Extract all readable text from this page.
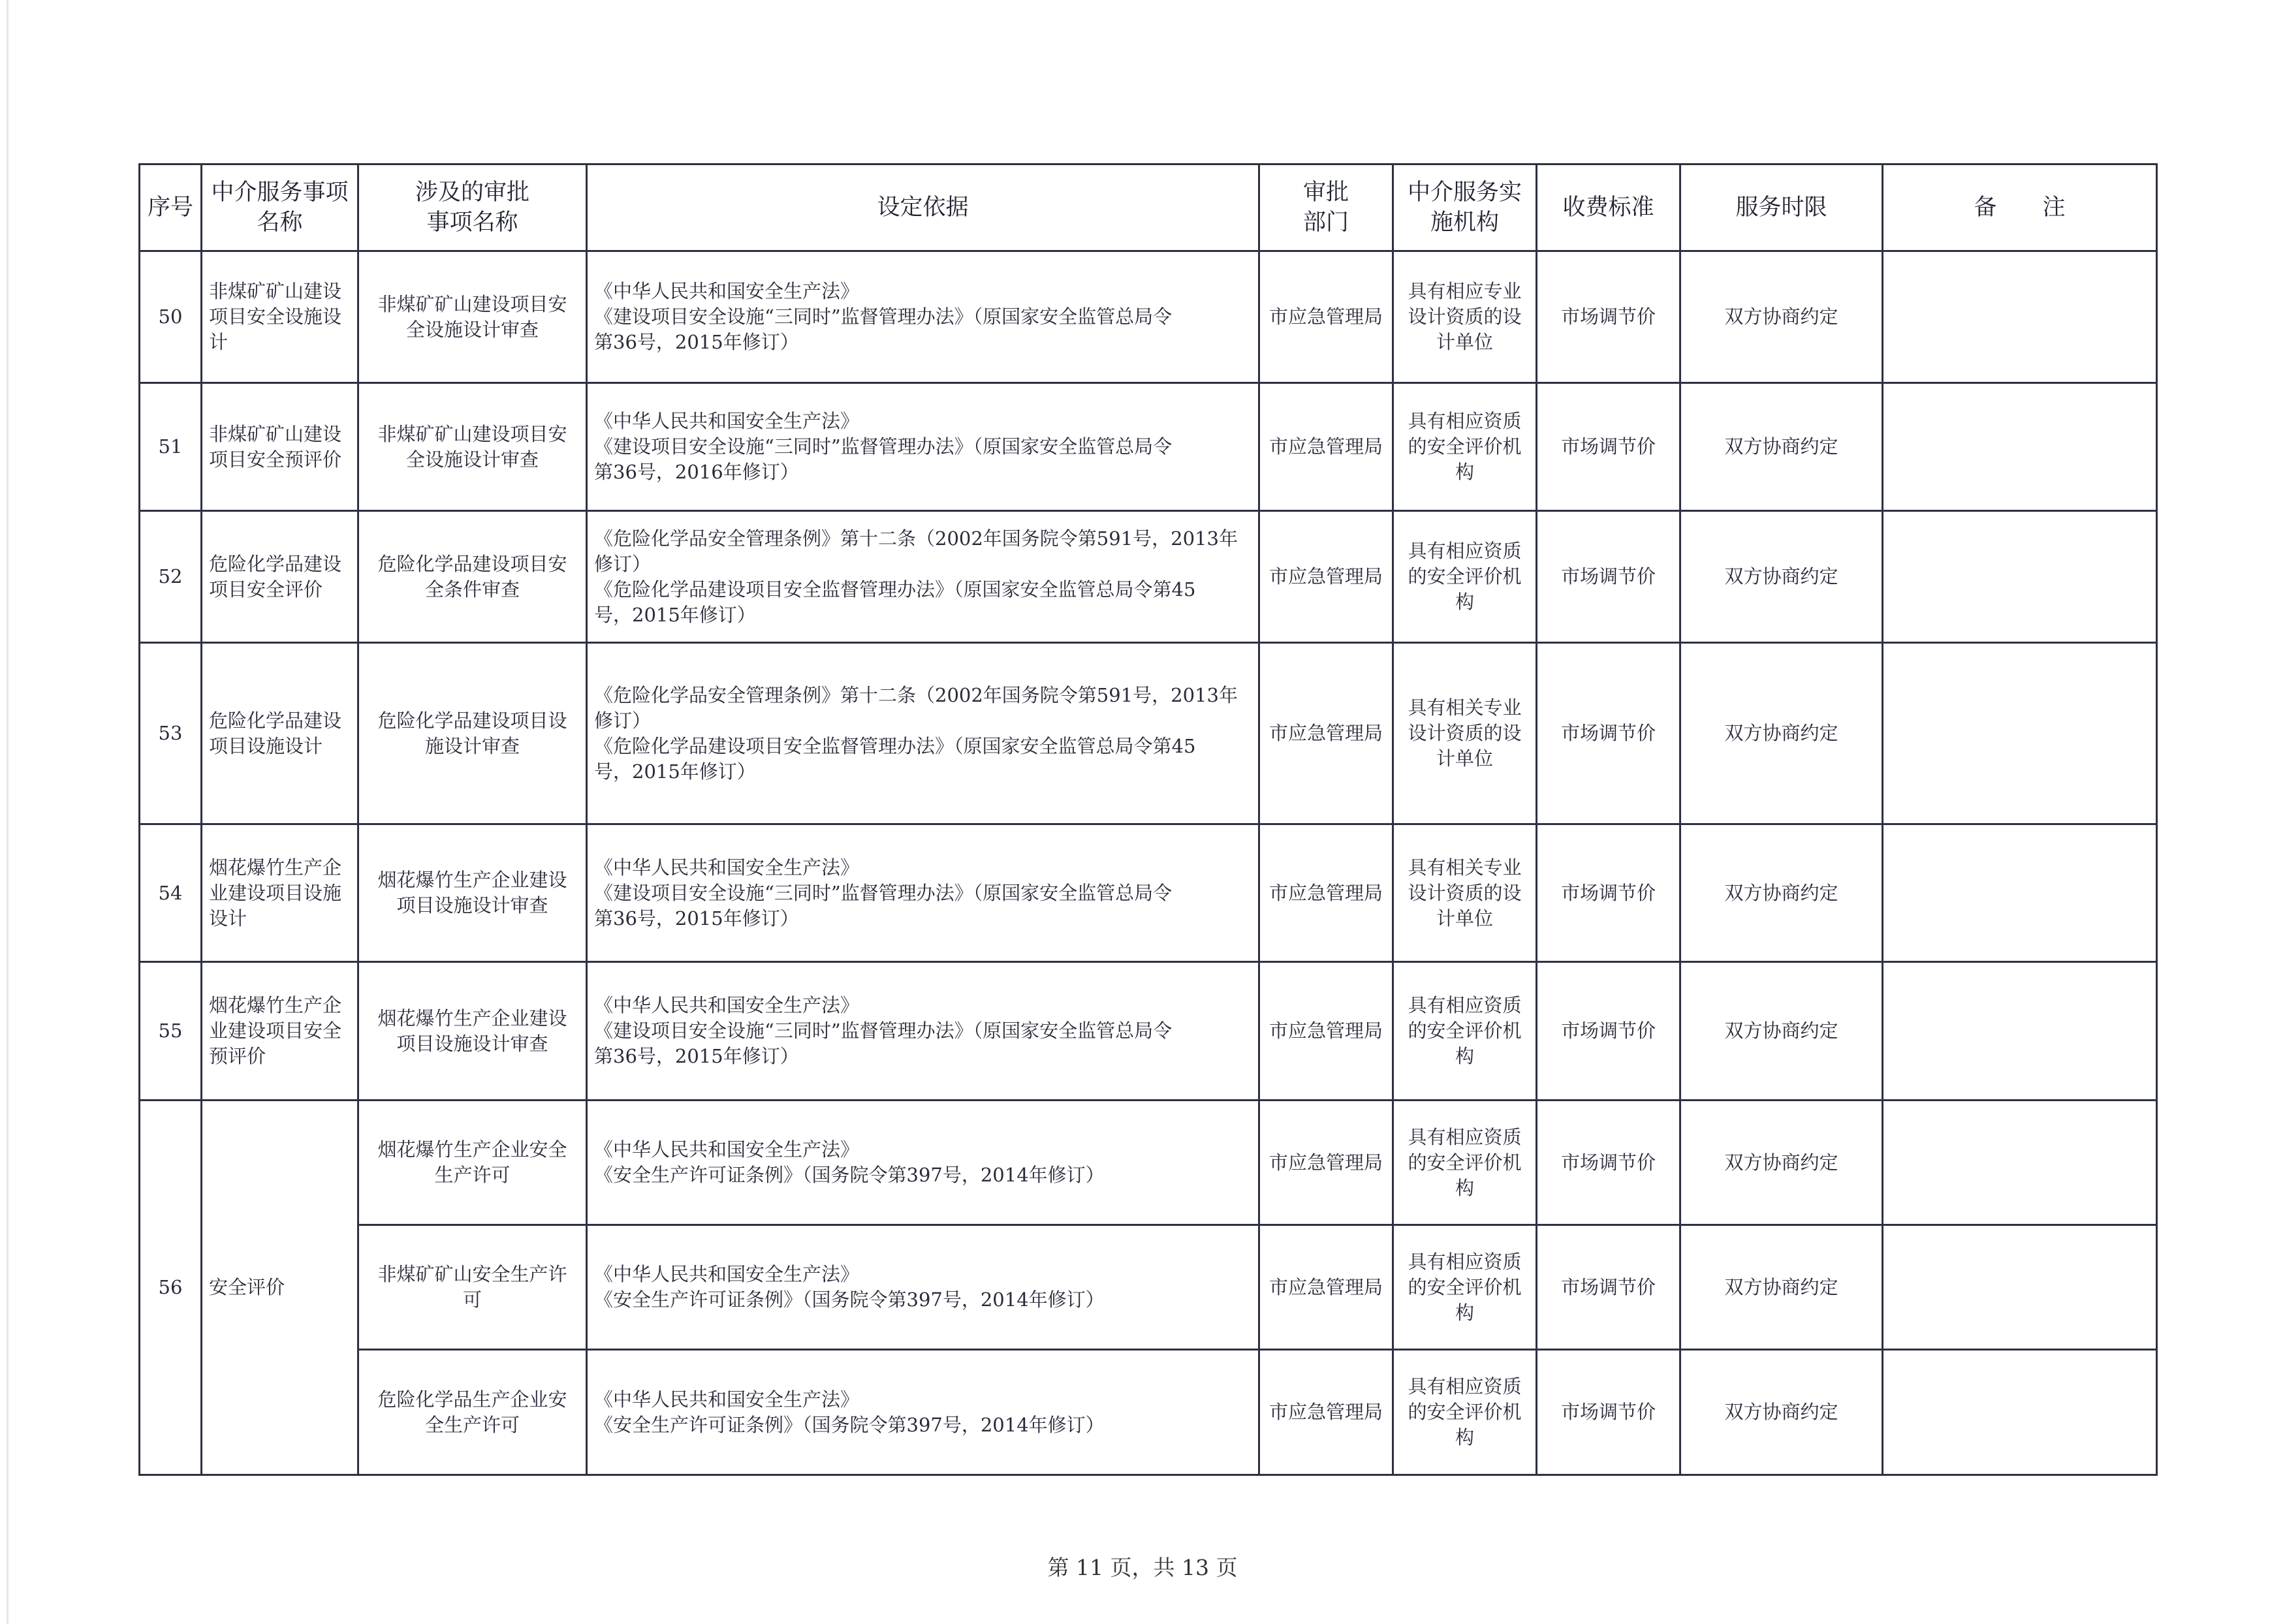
序号	中介服务事项
名称	涉及的审批
事项名称	设定依据	审批
部门	中介服务实
施机构	收费标准	服务时限	备　　注
50	非煤矿矿山建设
项目安全设施设
计	非煤矿矿山建设项目安
全设施设计审查	《中华人民共和国安全生产法》
《建设项目安全设施“三同时”监督管理办法》（原国家安全监管总局令
第36号，2015年修订）	市应急管理局	具有相应专业
设计资质的设
计单位	市场调节价	双方协商约定	
51	非煤矿矿山建设
项目安全预评价	非煤矿矿山建设项目安
全设施设计审查	《中华人民共和国安全生产法》
《建设项目安全设施“三同时”监督管理办法》（原国家安全监管总局令
第36号，2016年修订）	市应急管理局	具有相应资质
的安全评价机
构	市场调节价	双方协商约定	
52	危险化学品建设
项目安全评价	危险化学品建设项目安
全条件审查	《危险化学品安全管理条例》第十二条（2002年国务院令第591号，2013年
修订）
《危险化学品建设项目安全监督管理办法》（原国家安全监管总局令第45
号，2015年修订）	市应急管理局	具有相应资质
的安全评价机
构	市场调节价	双方协商约定	
53	危险化学品建设
项目设施设计	危险化学品建设项目设
施设计审查	《危险化学品安全管理条例》第十二条（2002年国务院令第591号，2013年
修订）
《危险化学品建设项目安全监督管理办法》（原国家安全监管总局令第45
号，2015年修订）	市应急管理局	具有相关专业
设计资质的设
计单位	市场调节价	双方协商约定	
54	烟花爆竹生产企
业建设项目设施
设计	烟花爆竹生产企业建设
项目设施设计审查	《中华人民共和国安全生产法》
《建设项目安全设施“三同时”监督管理办法》（原国家安全监管总局令
第36号，2015年修订）	市应急管理局	具有相关专业
设计资质的设
计单位	市场调节价	双方协商约定	
55	烟花爆竹生产企
业建设项目安全
预评价	烟花爆竹生产企业建设
项目设施设计审查	《中华人民共和国安全生产法》
《建设项目安全设施“三同时”监督管理办法》（原国家安全监管总局令
第36号，2015年修订）	市应急管理局	具有相应资质
的安全评价机
构	市场调节价	双方协商约定	
56	安全评价	烟花爆竹生产企业安全
生产许可	《中华人民共和国安全生产法》
《安全生产许可证条例》（国务院令第397号，2014年修订）	市应急管理局	具有相应资质
的安全评价机
构	市场调节价	双方协商约定	

		非煤矿矿山安全生产许
可	《中华人民共和国安全生产法》
《安全生产许可证条例》（国务院令第397号，2014年修订）	市应急管理局	具有相应资质
的安全评价机
构	市场调节价	双方协商约定	

		危险化学品生产企业安
全生产许可	《中华人民共和国安全生产法》
《安全生产许可证条例》（国务院令第397号，2014年修订）	市应急管理局	具有相应资质
的安全评价机
构	市场调节价	双方协商约定	
第 11 页，共 13 页
